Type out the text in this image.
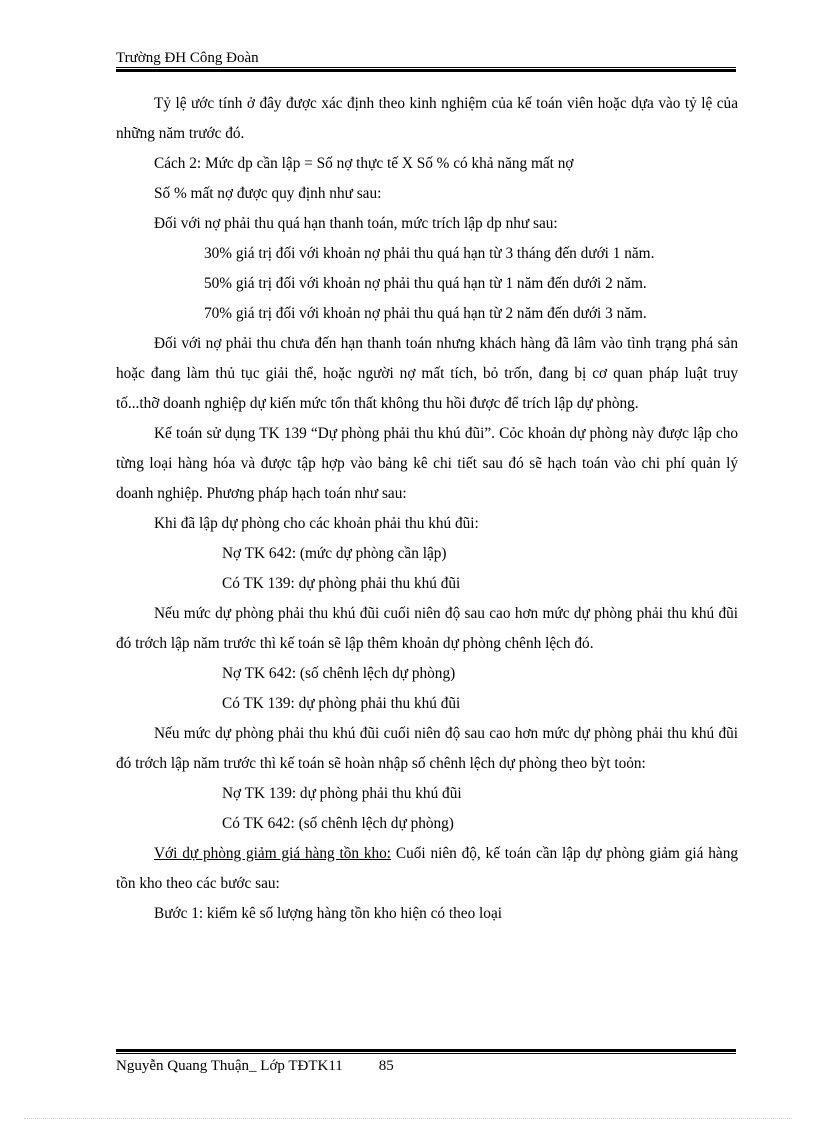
Trường ĐH Công Đoàn

Tỷ lệ ước tính ở đây được xác định theo kinh nghiệm của kế toán viên hoặc dựa vào tỷ lệ của những năm trước đó.

Cách 2: Mức dp cần lập = Số nợ thực tế X Số % có khả năng mất nợ

Số % mất nợ được quy định như sau:

Đối với nợ phải thu quá hạn thanh toán, mức trích lập dp như sau:

30% giá trị đối với khoản nợ phải thu quá hạn từ 3 tháng đến dưới 1 năm.

50% giá trị đối với khoản nợ phải thu quá hạn từ 1 năm đến dưới 2 năm.

70% giá trị đối với khoản nợ phải thu quá hạn từ 2 năm đến dưới 3 năm.

Đối với nợ phải thu chưa đến hạn thanh toán nhưng khách hàng đã lâm vào tình trạng phá sản hoặc đang làm thủ tục giải thể, hoặc người nợ mất tích, bỏ trốn, đang bị cơ quan pháp luật truy tố...thỡ doanh nghiệp dự kiến mức tổn thất không thu hồi được để trích lập dự phòng.

Kế toán sử dụng TK 139 “Dự phòng phải thu khú đũi”. Cỏc khoản dự phòng này được lập cho từng loại hàng hóa và được tập hợp vào bảng kê chi tiết sau đó sẽ hạch toán vào chi phí quản lý doanh nghiệp. Phương pháp hạch toán như sau:

Khi đã lập dự phòng cho các khoản phải thu khú đũi:

Nợ TK 642: (mức dự phòng cần lập)

Có TK 139: dự phòng phải thu khú đũi

Nếu mức dự phòng phải thu khú đũi cuối niên độ sau cao hơn mức dự phòng phải thu khú đũi đó trớch lập năm trước thì kế toán sẽ lập thêm khoản dự phòng chênh lệch đó.

Nợ TK 642: (số chênh lệch dự phòng)

Có TK 139: dự phòng phải thu khú đũi

Nếu mức dự phòng phải thu khú đũi cuối niên độ sau cao hơn mức dự phòng phải thu khú đũi đó trớch lập năm trước thì kế toán sẽ hoàn nhập số chênh lệch dự phòng theo bỳt toỏn:

Nợ TK 139: dự phòng phải thu khú đũi

Có TK 642: (số chênh lệch dự phòng)

Với dự phòng giảm giá hàng tồn kho: Cuối niên độ, kế toán cần lập dự phòng giảm giá hàng tồn kho theo các bước sau:

Bước 1: kiểm kê số lượng hàng tồn kho hiện có theo loại

Nguyễn Quang Thuận_ Lớp TĐTK11 85
